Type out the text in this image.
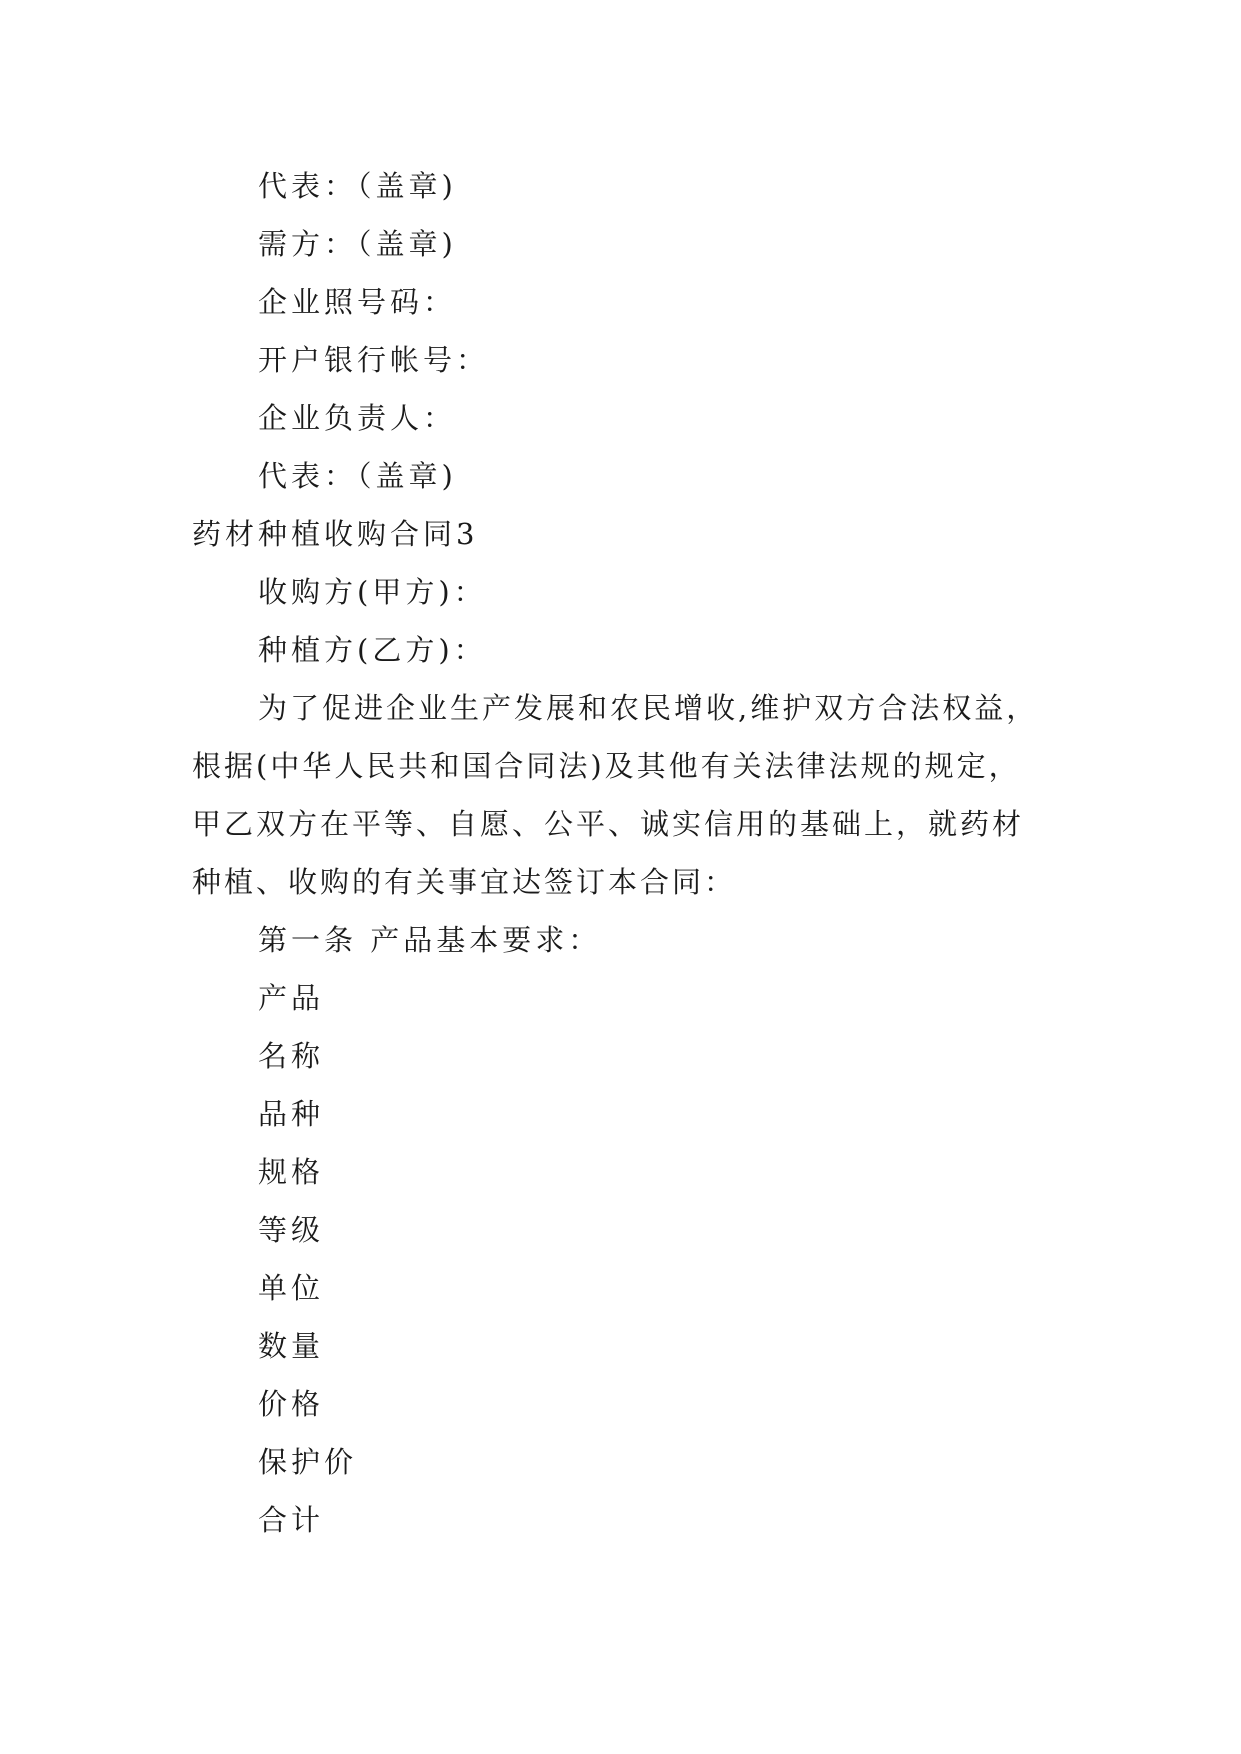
代表：（盖章)
需方：（盖章)
企业照号码：
开户银行帐号：
企业负责人：
代表：（盖章)
药材种植收购合同3
收购方(甲方)：
种植方(乙方)：
为了促进企业生产发展和农民增收,维护双方合法权益，
根据(中华人民共和国合同法)及其他有关法律法规的规定，
甲乙双方在平等、自愿、公平、诚实信用的基础上，就药材
种植、收购的有关事宜达签订本合同：
第一条 产品基本要求：
产品
名称
品种
规格
等级
单位
数量
价格
保护价
合计
